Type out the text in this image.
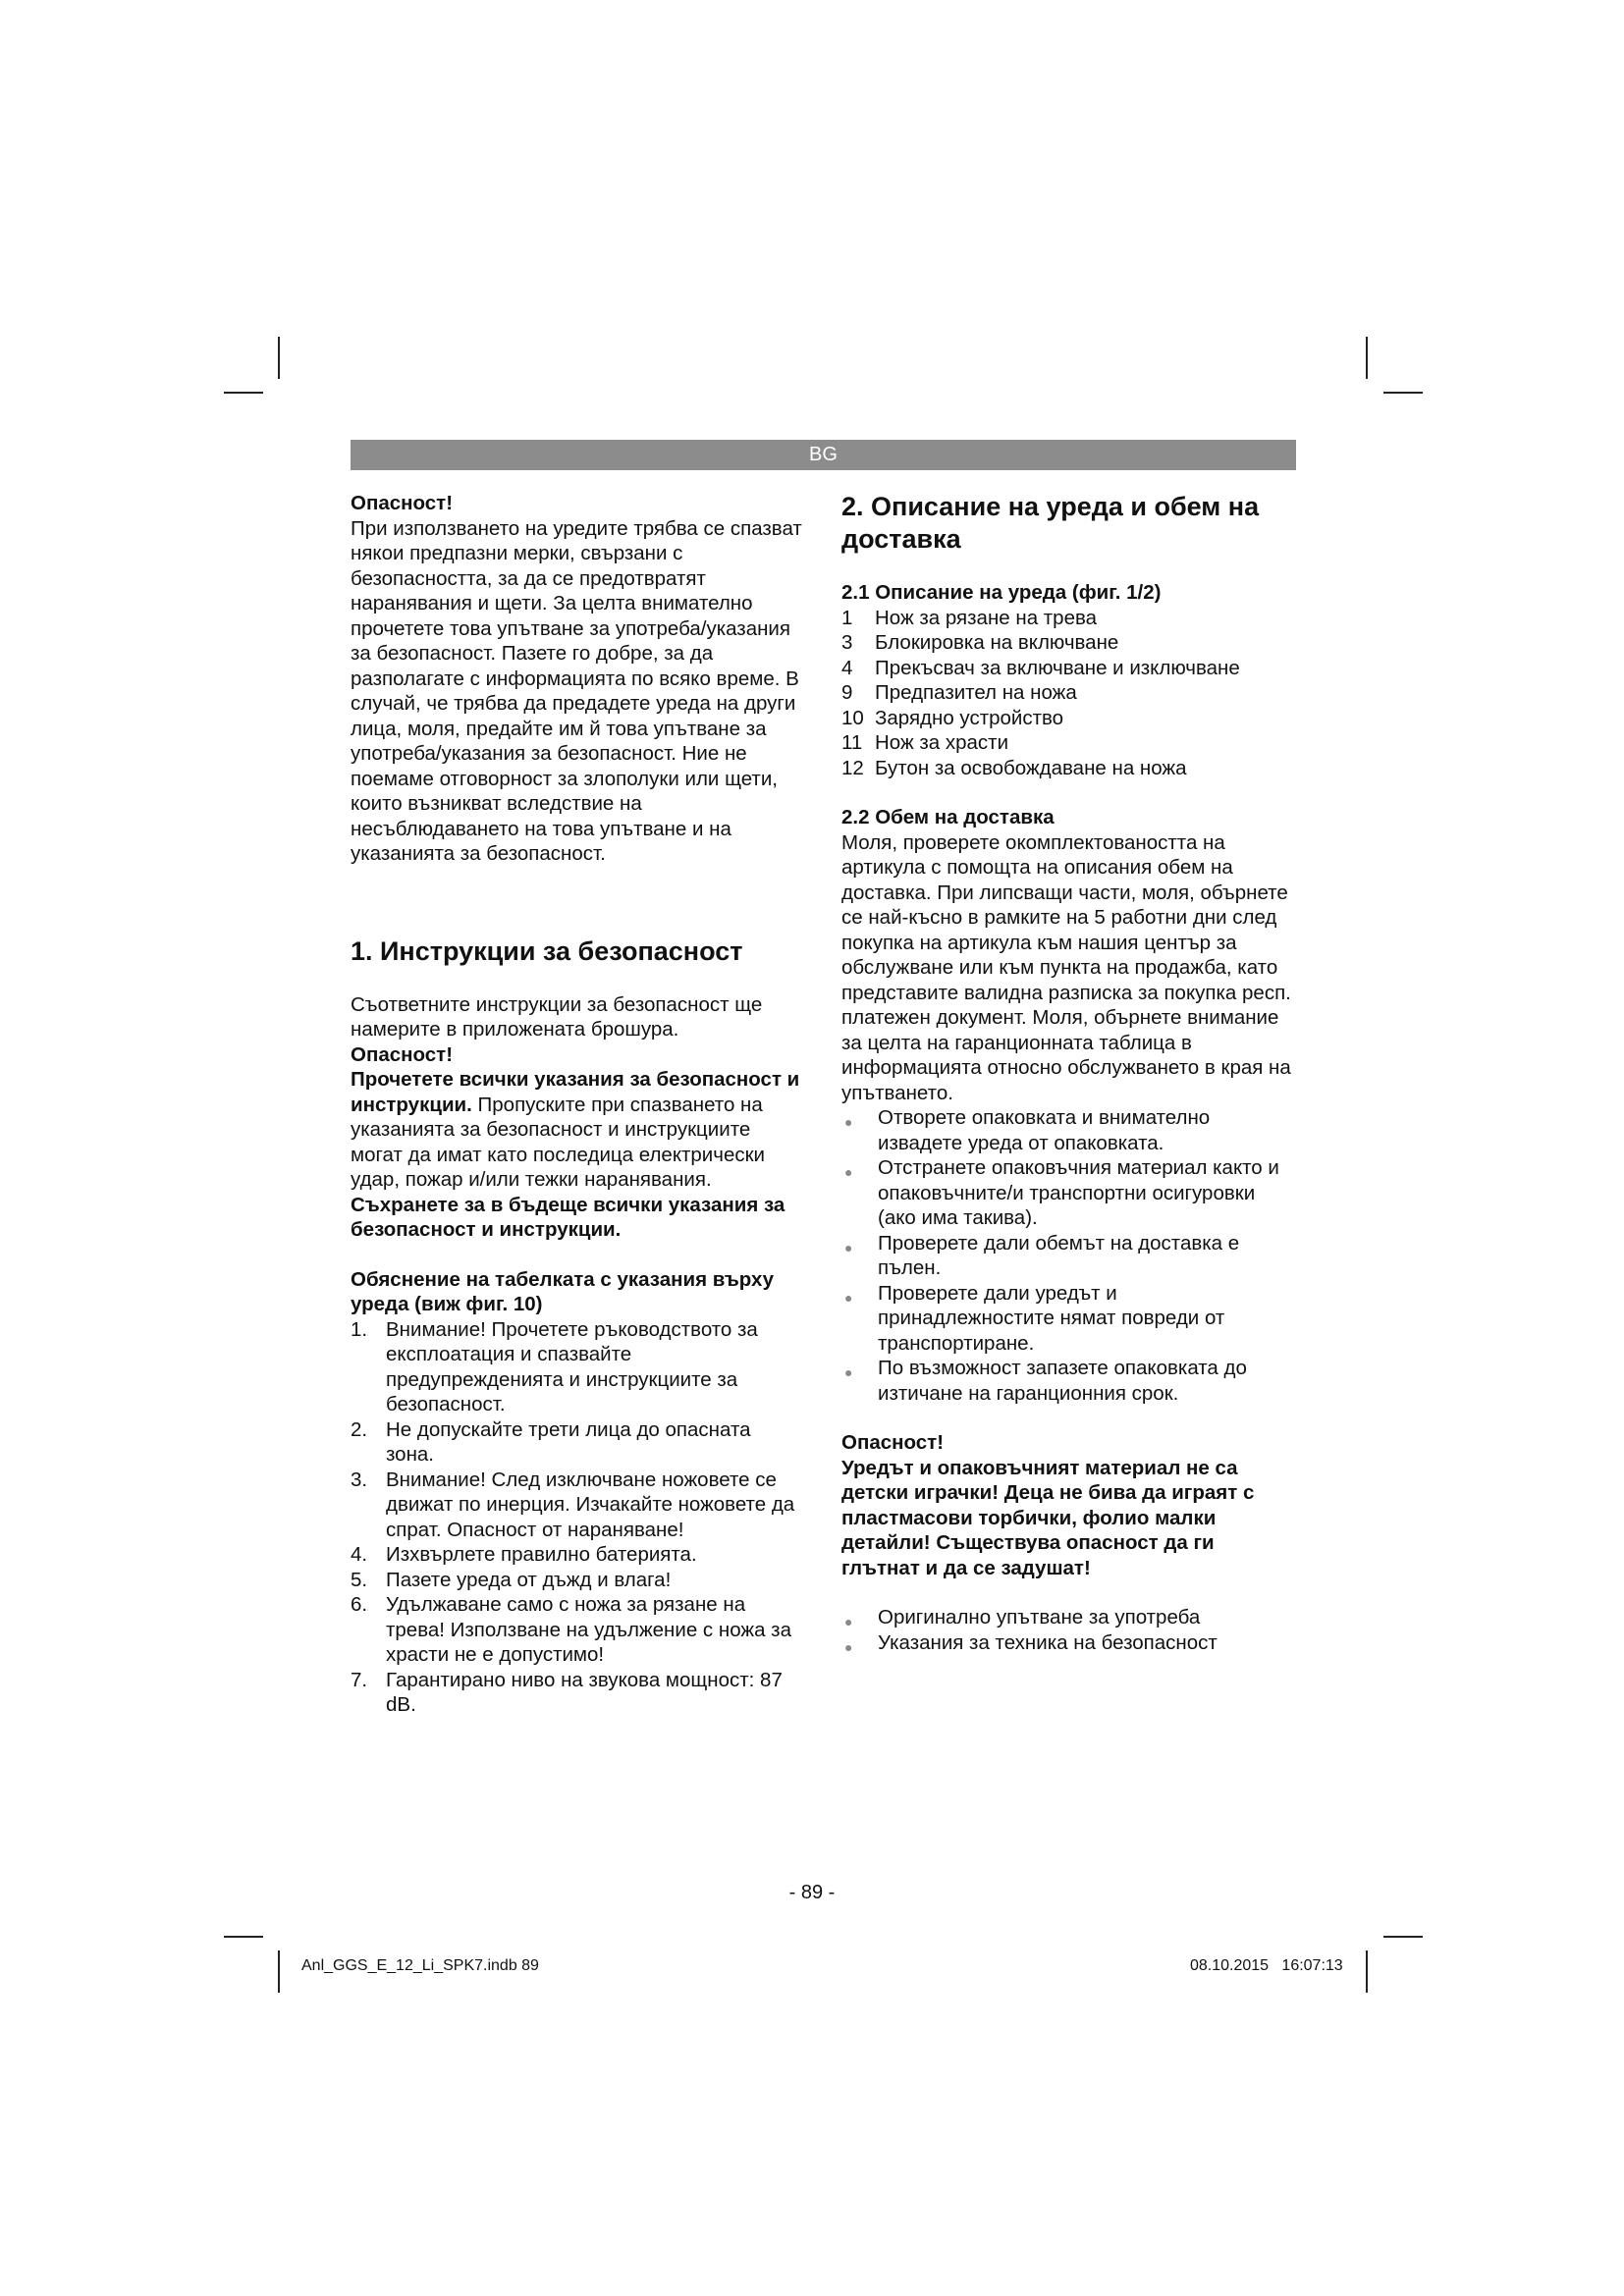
BG

Опасност!

При използването на уредите трябва се спазват някои предпазни мерки, свързани с безопасността, за да се предотвратят наранявания и щети. За целта внимателно прочетете това упътване за употреба/указания за безопасност. Пазете го добре, за да разполагате с информацията по всяко време. В случай, че трябва да предадете уреда на други лица, моля, предайте им й това упътване за употреба/указания за безопасност. Ние не поемаме отговорност за злополуки или щети, които възникват вследствие на несъблюдаването на това упътване и на указанията за безопасност.

1. Инструкции за безопасност

Съответните инструкции за безопасност ще намерите в приложената брошура.

Опасност!

Прочетете всички указания за безопасност и инструкции. Пропуските при спазването на указанията за безопасност и инструкциите могат да имат като последица електрически удар, пожар и/или тежки наранявания. Съхранете за в бъдеще всички указания за безопасност и инструкции.

Обяснение на табелката с указания върху уреда (виж фиг. 10)
1. Внимание! Прочетете ръководството за експлоатация и спазвайте предупрежденията и инструкциите за безопасност.
2. Не допускайте трети лица до опасната зона.
3. Внимание! След изключване ножовете се движат по инерция. Изчакайте ножовете да спрат. Опасност от нараняване!
4. Изхвърлете правилно батерията.
5. Пазете уреда от дъжд и влага!
6. Удължаване само с ножа за рязане на трева! Използване на удължение с ножа за храсти не е допустимо!
7. Гарантирано ниво на звукова мощност: 87 dB.
2. Описание на уреда и обем на доставка
2.1 Описание на уреда (фиг. 1/2)
1 Нож за рязане на трева
3 Блокировка на включване
4 Прекъсвач за включване и изключване
9 Предпазител на ножа
10 Зарядно устройство
11 Нож за храсти
12 Бутон за освобождаване на ножа
2.2 Обем на доставка

Моля, проверете окомплектоваността на артикула с помощта на описания обем на доставка. При липсващи части, моля, обърнете се най-късно в рамките на 5 работни дни след покупка на артикула към нашия център за обслужване или към пункта на продажба, като представите валидна разписка за покупка респ. платежен документ. Моля, обърнете внимание за целта на гаранционната таблица в информацията относно обслужването в края на упътването.

● Отворете опаковката и внимателно извадете уреда от опаковката.
● Отстранете опаковъчния материал както и опаковъчните/и транспортни осигуровки (ако има такива).
● Проверете дали обемът на доставка е пълен.
● Проверете дали уредът и принадлежностите нямат повреди от транспортиране.
● По възможност запазете опаковката до изтичане на гаранционния срок.

Опасност!

Уредът и опаковъчният материал не са детски играчки! Деца не бива да играят с пластмасови торбички, фолио малки детайли! Съществува опасност да ги глътнат и да се задушат!

● Оригинално упътване за употреба
● Указания за техника на безопасност
- 89 -
Anl_GGS_E_12_Li_SPK7.indb 89	08.10.2015   16:07:13
